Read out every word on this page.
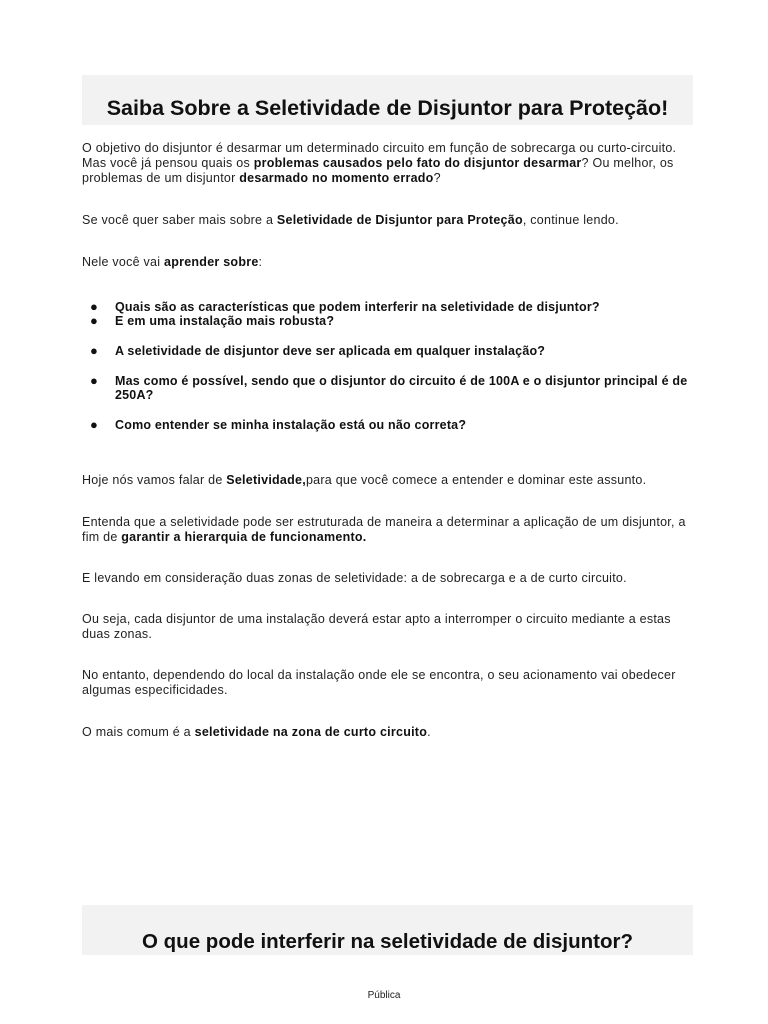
Saiba Sobre a Seletividade de Disjuntor para Proteção!

O objetivo do disjuntor é desarmar um determinado circuito em função de sobrecarga ou curto-circuito. Mas você já pensou quais os problemas causados pelo fato do disjuntor desarmar? Ou melhor, os problemas de um disjuntor desarmado no momento errado?

Se você quer saber mais sobre a Seletividade de Disjuntor para Proteção, continue lendo.

Nele você vai aprender sobre:

● Quais são as características que podem interferir na seletividade de disjuntor?
● E em uma instalação mais robusta?
● A seletividade de disjuntor deve ser aplicada em qualquer instalação?
● Mas como é possível, sendo que o disjuntor do circuito é de 100A e o disjuntor principal é de 250A?
● Como entender se minha instalação está ou não correta?

Hoje nós vamos falar de Seletividade,para que você comece a entender e dominar este assunto.

Entenda que a seletividade pode ser estruturada de maneira a determinar a aplicação de um disjuntor, a fim de garantir a hierarquia de funcionamento.

E levando em consideração duas zonas de seletividade: a de sobrecarga e a de curto circuito.

Ou seja, cada disjuntor de uma instalação deverá estar apto a interromper o circuito mediante a estas duas zonas.

No entanto, dependendo do local da instalação onde ele se encontra, o seu acionamento vai obedecer algumas especificidades.

O mais comum é a seletividade na zona de curto circuito.

O que pode interferir na seletividade de disjuntor?
Pública
